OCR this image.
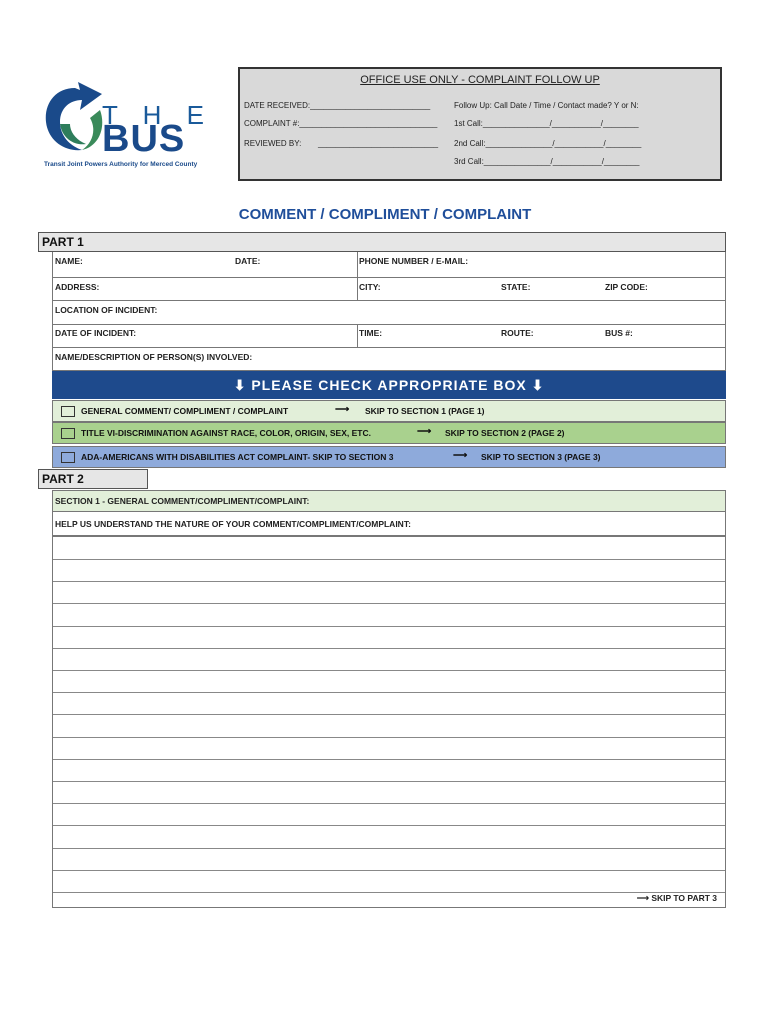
T H E
BUS
Transit Joint Powers Authority for Merced County
OFFICE USE ONLY - COMPLAINT FOLLOW UP
DATE RECEIVED:___________________________	Follow Up: Call Date / Time / Contact made? Y or N:
COMPLAINT #:_______________________________ 1st Call:_______________/___________/________
REVIEWED BY: ___________________________ 2nd Call:_______________/___________/________
3rd Call:_______________/___________/________
COMMENT / COMPLIMENT / COMPLAINT
PART 1
NAME:	DATE:	PHONE NUMBER / E-MAIL:
ADDRESS:	CITY:	STATE:	ZIP CODE:
LOCATION OF INCIDENT:
DATE OF INCIDENT:	TIME:	ROUTE:	BUS #:
NAME/DESCRIPTION OF PERSON(S) INVOLVED:
⬇ PLEASE CHECK APPROPRIATE BOX ⬇
GENERAL COMMENT/ COMPLIMENT / COMPLAINT	⟶ SKIP TO SECTION 1 (PAGE 1)
TITLE VI-DISCRIMINATION AGAINST RACE, COLOR, ORIGIN, SEX, ETC.	⟶ SKIP TO SECTION 2 (PAGE 2)
ADA-AMERICANS WITH DISABILITIES ACT COMPLAINT- SKIP TO SECTION 3	⟶ SKIP TO SECTION 3 (PAGE 3)
PART 2
SECTION 1 - GENERAL COMMENT/COMPLIMENT/COMPLAINT:
HELP US UNDERSTAND THE NATURE OF YOUR COMMENT/COMPLIMENT/COMPLAINT:
⟶ SKIP TO PART 3
